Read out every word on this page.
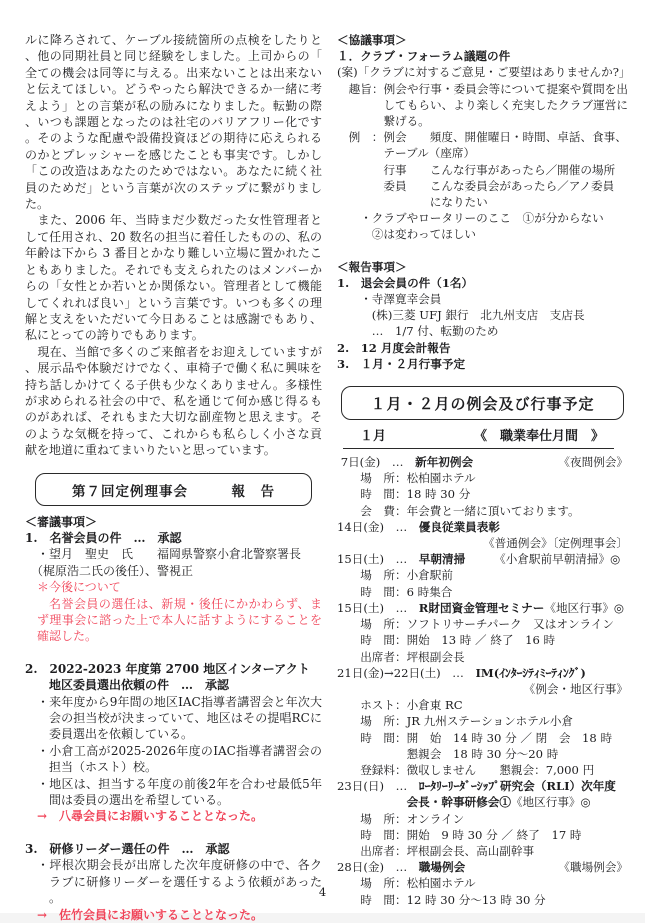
ルに降ろされて、ケーブル接続箇所の点検をしたりと、他の同期社員と同じ経験をしました。上司からの「全ての機会は同等に与える。出来ないことは出来ないと伝えてほしい。どうやったら解決できるか一緒に考えよう」との言葉が私の励みになりました。転勤の際、いつも課題となったのは社宅のバリアフリー化です。そのような配慮や設備投資ほどの期待に応えられるのかとプレッシャーを感じたことも事実です。しかし「この改造はあなたのためではない。あなたに続く社員のためだ」という言葉が次のステップに繋がりました。
　また、2006 年、当時まだ少数だった女性管理者として任用され、20 数名の担当に着任したものの、私の年齢は下から 3 番目とかなり難しい立場に置かれたこともありました。それでも支えられたのはメンバーからの「女性とか若いとか関係ない。管理者として機能してくれれば良い」という言葉です。いつも多くの理解と支えをいただいて今日あることは感謝でもあり、私にとっての誇りでもあります。
　現在、当館で多くのご来館者をお迎えしていますが、展示品や体験だけでなく、車椅子で働く私に興味を持ち話しかけてくる子供も少なくありません。多様性が求められる社会の中で、私を通じて何か感じ得るものがあれば、それもまた大切な副産物と思えます。そのような気概を持って、これからも私らしく小さな貢献を地道に重ねてまいりたいと思っています。
第７回定例理事会　　　報　告
＜審議事項＞
1.　名誉会員の件　…　承認
　・望月　聖史　氏　　福岡県警察小倉北警察署長
　（梶原浩二氏の後任）、警視正
　＊今後について
名誉会員の選任は、新規・後任にかかわらず、まず理事会に諮った上で本人に話すようにすることを確認した。
2.　2022-2023 年度第 2700 地区インターアクト
　　地区委員選出依頼の件　…　承認
・来年度から9年間の地区IAC指導者講習会と年次大会の担当校が決まっていて、地区はその提唱RCに委員選出を依頼している。
・小倉工高が2025-2026年度のIAC指導者講習会の担当（ホスト）校。
・地区は、担当する年度の前後2年を合わせ最低5年間は委員の選出を希望している。
　→　八尋会員にお願いすることとなった。
3.　研修リーダー選任の件　…　承認
・坪根次期会長が出席した次年度研修の中で、各クラブに研修リーダーを選任するよう依頼があった。
　→　佐竹会員にお願いすることとなった。
＜協議事項＞
１．クラブ・フォーラム議題の件
(案)「クラブに対するご意見・ご要望はありませんか?」
　趣旨：例会や行事・委員会等について提案や質問を出してもらい、より楽しく充実したクラブ運営に繋げる。
　例　：例会　　頻度、開催曜日・時間、卓話、食事、
　　　　テーブル（座席）
　　　　行事　　こんな行事があったら／開催の場所
　　　　委員　　こんな委員会があったら／アノ委員
　　　　　　　　になりたい
　　・クラブやロータリーのここ　①が分からない
　　　②は変わってほしい
＜報告事項＞
1.　退会会員の件（1名）
　　・寺澤寛幸会員
　　　(株)三菱 UFJ 銀行　北九州支店　支店長
　　　…　1/7 付、転勤のため
2.　12 月度会計報告
3.　１月・２月行事予定
１月・２月の例会及び行事予定
　１月	《　職業奉仕月間　》
7日(金)　…　新年初例会	《夜間例会》
　　場　所：松柏園ホテル
　　時　間：18 時 30 分
　　会　費：年会費と一緒に頂いております。
14日(金)　…　優良従業員表彰
《普通例会》〔定例理事会〕
15日(土)　…　早朝清掃　　　《小倉駅前早朝清掃》◎
　　場　所：小倉駅前
　　時　間：6 時集合
15日(土)　…　R財団資金管理セミナー《地区行事》◎
　　場　所：ソフトリサーチパーク　又はオンライン
　　時　間：開始　13 時 ／ 終了　16 時
　　出席者：坪根副会長
21日(金)→22日(土)　…　IM(ｲﾝﾀｰｼﾃｨﾐｰﾃｨﾝｸﾞ)
《例会・地区行事》
　　ホスト：小倉東 RC
　　場　所：JR 九州ステーションホテル小倉
　　時　間：開　始　14 時 30 分 ／ 閉　会　18 時
　　　　　　懇親会　18 時 30 分～20 時
　　登録料：徴収しません　　懇親会：7,000 円
23日(日)　…　ﾛｰﾀﾘｰﾘｰﾀﾞｰｼｯﾌﾟ研究会（RLI）次年度
　　　　　　会長・幹事研修会①《地区行事》◎
　　場　所：オンライン
　　時　間：開始　9 時 30 分 ／ 終了　17 時
　　出席者：坪根副会長、高山副幹事
28日(金)　…　職場例会	《職場例会》
　　場　所：松柏園ホテル
　　時　間：12 時 30 分～13 時 30 分
4
